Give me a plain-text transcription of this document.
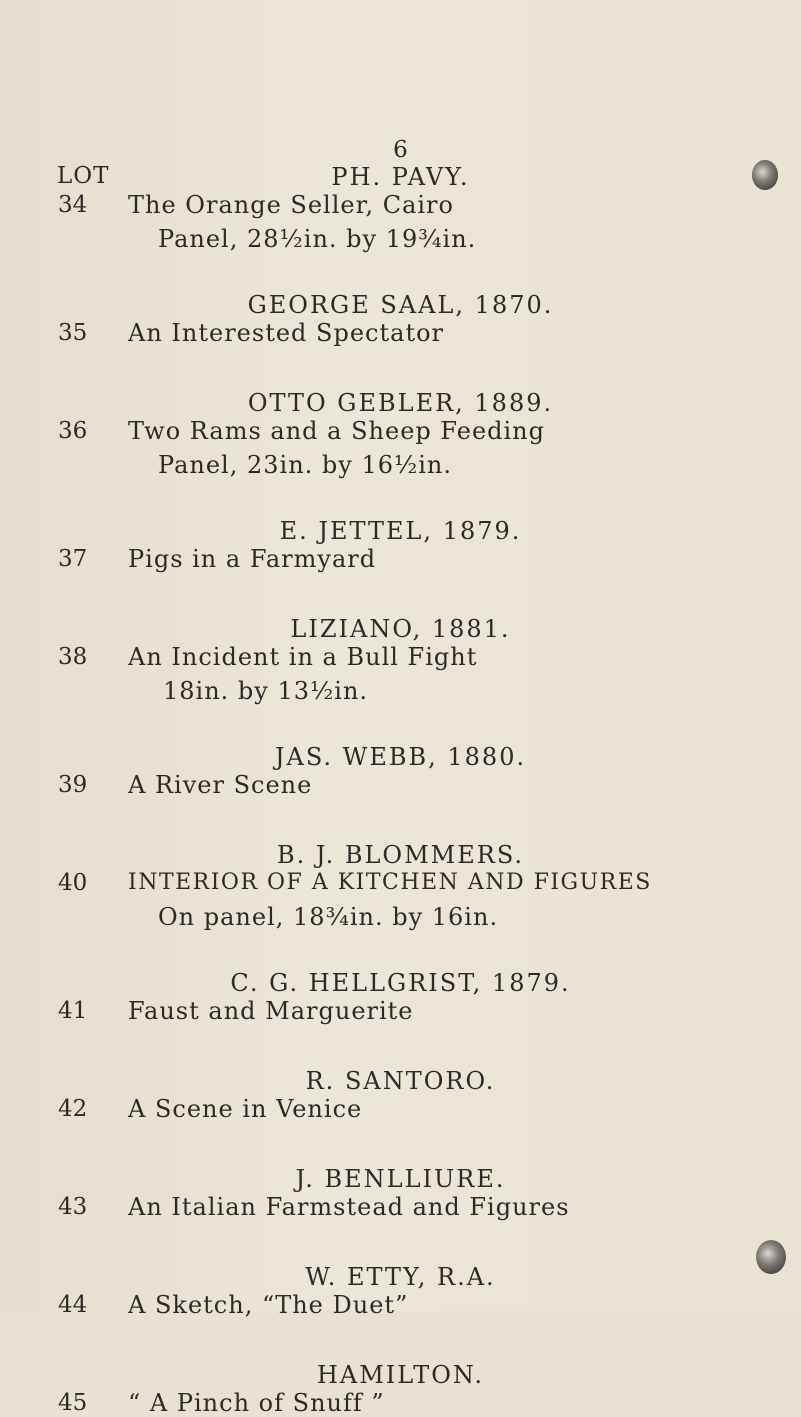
6
LOT	PH. PAVY.
34 The Orange Seller, Cairo
Panel, 28½in. by 19¾in.
GEORGE SAAL, 1870.
35 An Interested Spectator
OTTO GEBLER, 1889.
36 Two Rams and a Sheep Feeding
Panel, 23in. by 16½in.
E. JETTEL, 1879.
37 Pigs in a Farmyard
LIZIANO, 1881.
38 An Incident in a Bull Fight
18in. by 13½in.
JAS. WEBB, 1880.
39 A River Scene
B. J. BLOMMERS.
40 INTERIOR OF A KITCHEN AND FIGURES
On panel, 18¾in. by 16in.
C. G. HELLGRIST, 1879.
41 Faust and Marguerite
R. SANTORO.
42 A Scene in Venice
J. BENLLIURE.
43 An Italian Farmstead and Figures
W. ETTY, R.A.
44 A Sketch, “The Duet”
HAMILTON.
45 “ A Pinch of Snuff ”
